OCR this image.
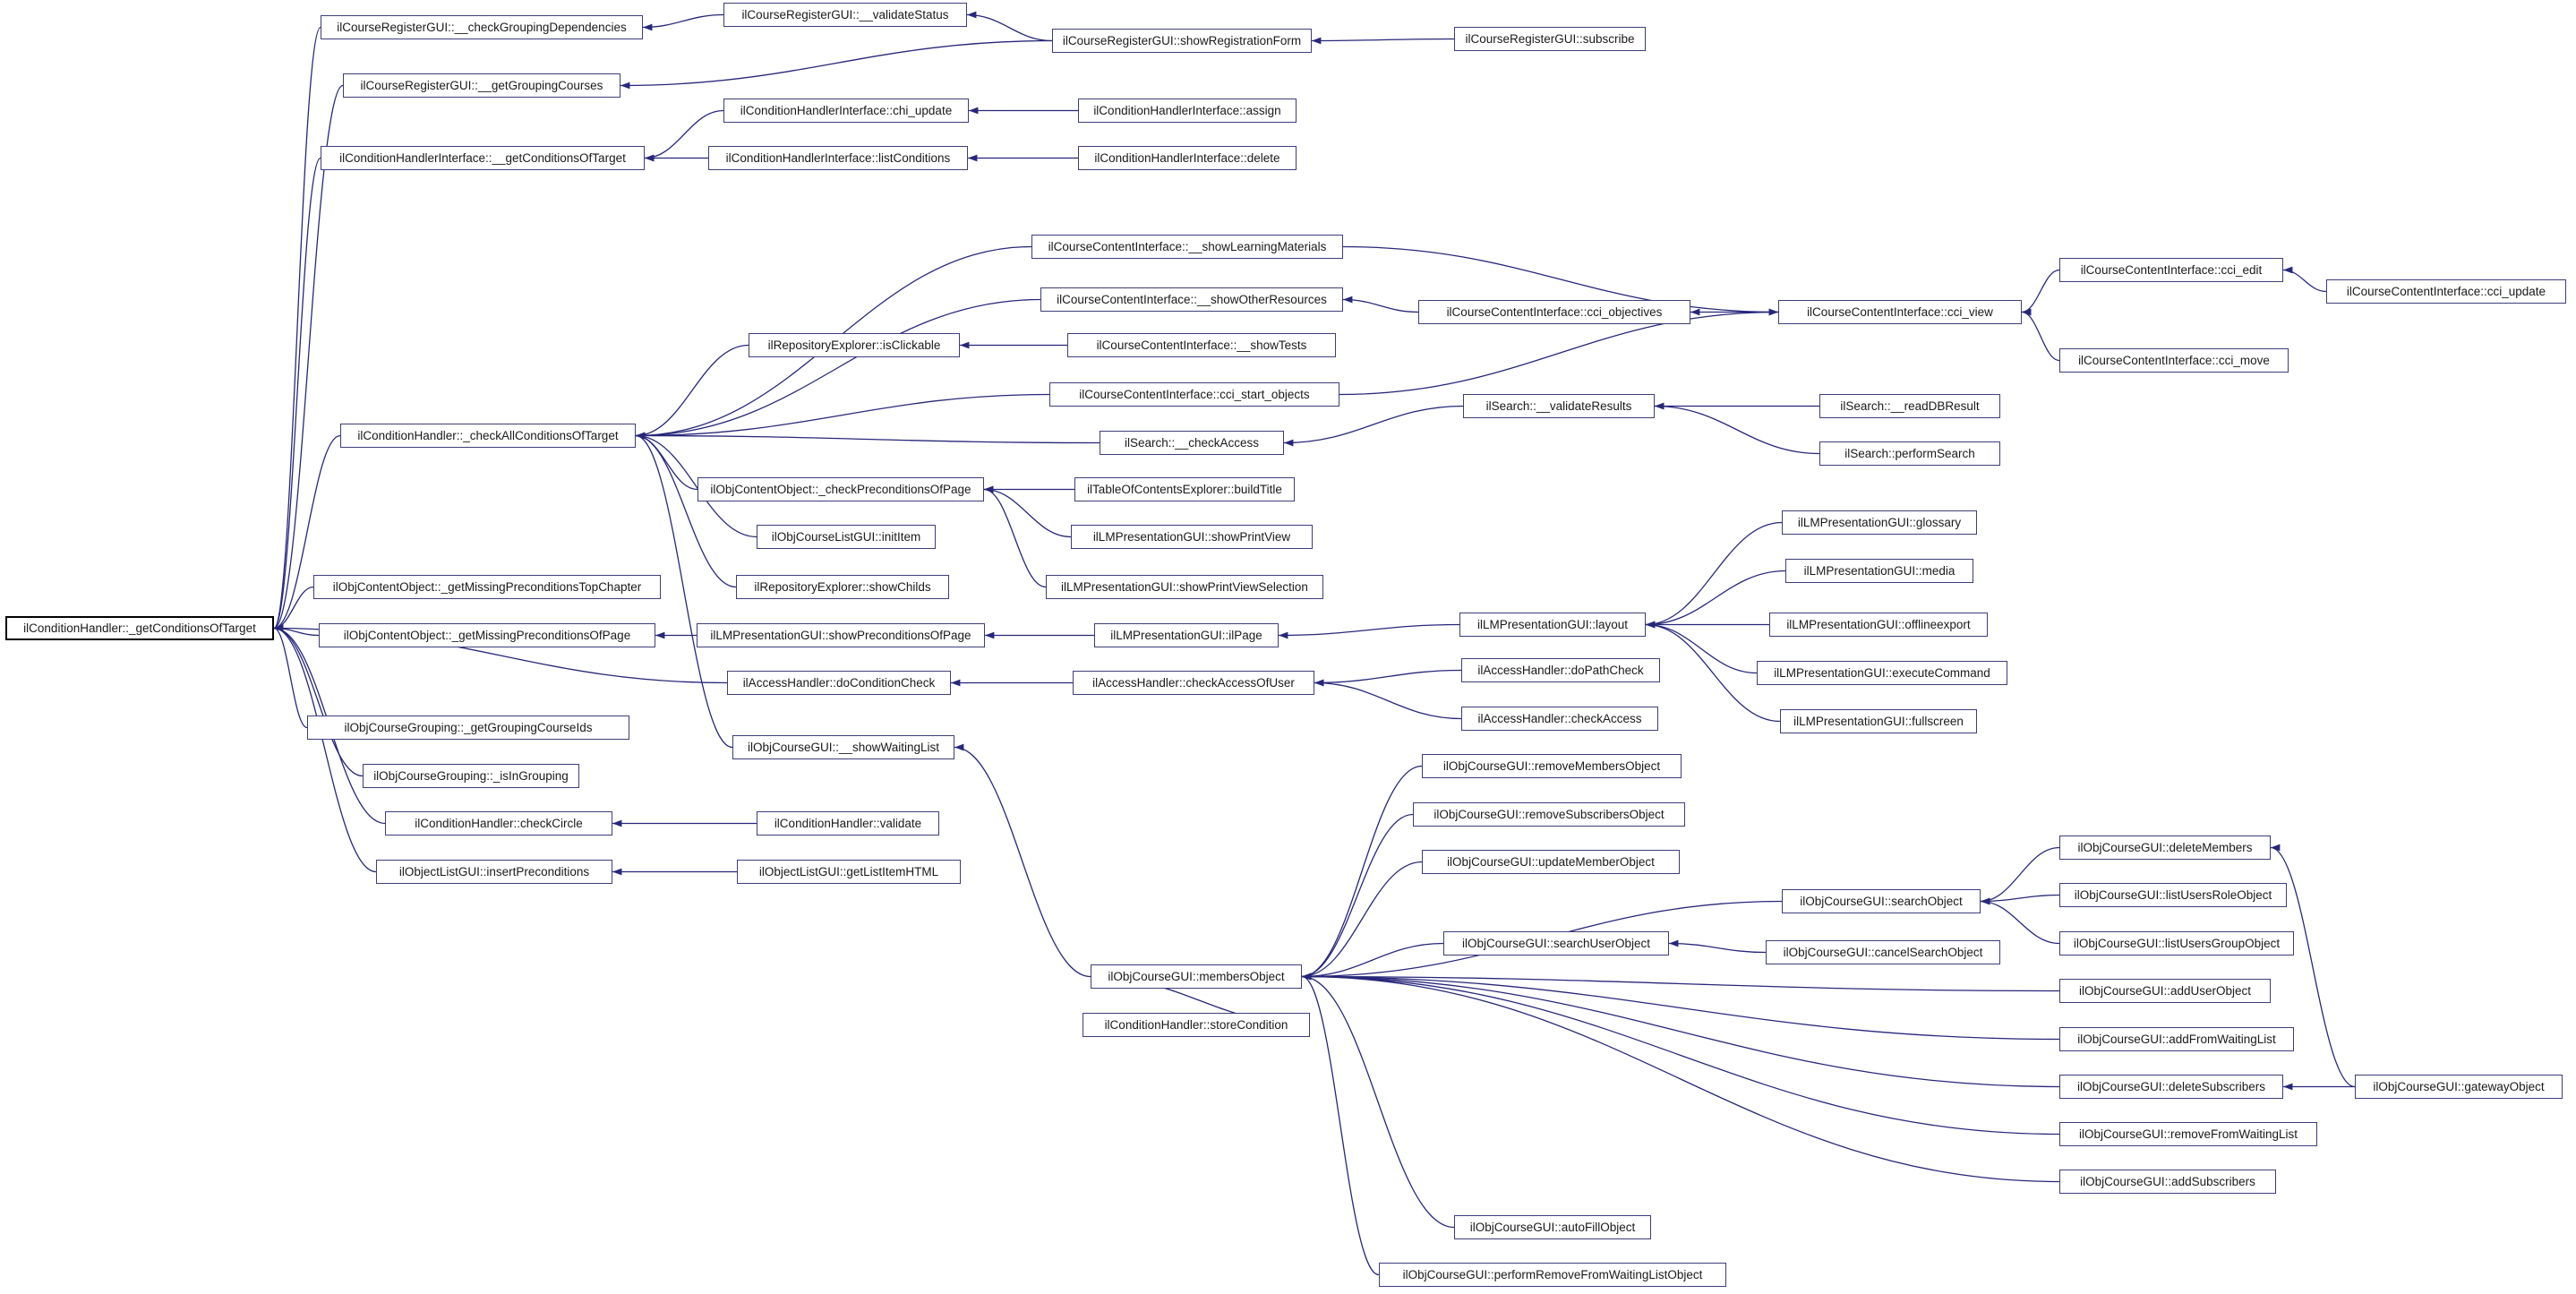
ilConditionHandler::_getConditionsOfTarget
ilCourseRegisterGUI::__checkGroupingDependencies
ilCourseRegisterGUI::__validateStatus
ilCourseRegisterGUI::showRegistrationForm	ilCourseRegisterGUI::subscribe
ilCourseRegisterGUI::__getGroupingCourses
ilConditionHandlerInterface::chi_update	ilConditionHandlerInterface::assign
ilConditionHandlerInterface::__getConditionsOfTarget	ilConditionHandlerInterface::listConditions	ilConditionHandlerInterface::delete
ilCourseContentInterface::__showLearningMaterials
ilCourseContentInterface::__showOtherResources
ilCourseContentInterface::cci_objectives	ilCourseContentInterface::cci_view
ilCourseContentInterface::cci_edit
ilCourseContentInterface::cci_update
ilCourseContentInterface::cci_move
ilRepositoryExplorer::isClickable	ilCourseContentInterface::__showTests
ilCourseContentInterface::cci_start_objects
ilSearch::__validateResults	ilSearch::__readDBResult
ilSearch::performSearch
ilConditionHandler::_checkAllConditionsOfTarget
ilSearch::__checkAccess
ilObjContentObject::_checkPreconditionsOfPage	ilTableOfContentsExplorer::buildTitle
ilObjCourseListGUI::initItem	ilLMPresentationGUI::showPrintView
ilObjContentObject::_getMissingPreconditionsTopChapter	ilRepositoryExplorer::showChilds	ilLMPresentationGUI::showPrintViewSelection
ilLMPresentationGUI::glossary
ilLMPresentationGUI::media
ilLMPresentationGUI::offlineexport
ilLMPresentationGUI::executeCommand
ilLMPresentationGUI::fullscreen
ilLMPresentationGUI::layout
ilLMPresentationGUI::ilPage
ilObjContentObject::_getMissingPreconditionsOfPage	ilLMPresentationGUI::showPreconditionsOfPage
ilAccessHandler::doConditionCheck	ilAccessHandler::checkAccessOfUser
ilAccessHandler::doPathCheck
ilAccessHandler::checkAccess
ilObjCourseGrouping::_getGroupingCourseIds
ilObjCourseGrouping::_isInGrouping
ilObjCourseGUI::__showWaitingList
ilObjCourseGUI::removeMembersObject
ilObjCourseGUI::removeSubscribersObject
ilObjCourseGUI::updateMemberObject
ilConditionHandler::checkCircle	ilConditionHandler::validate
ilObjectListGUI::insertPreconditions	ilObjectListGUI::getListItemHTML
ilObjCourseGUI::deleteMembers
ilObjCourseGUI::searchObject	ilObjCourseGUI::listUsersRoleObject
ilObjCourseGUI::listUsersGroupObject
ilObjCourseGUI::searchUserObject
ilObjCourseGUI::cancelSearchObject
ilObjCourseGUI::addUserObject
ilObjCourseGUI::membersObject
ilObjCourseGUI::addFromWaitingList
ilConditionHandler::storeCondition
ilObjCourseGUI::deleteSubscribers	ilObjCourseGUI::gatewayObject
ilObjCourseGUI::removeFromWaitingList
ilObjCourseGUI::addSubscribers
ilObjCourseGUI::autoFillObject
ilObjCourseGUI::performRemoveFromWaitingListObject
